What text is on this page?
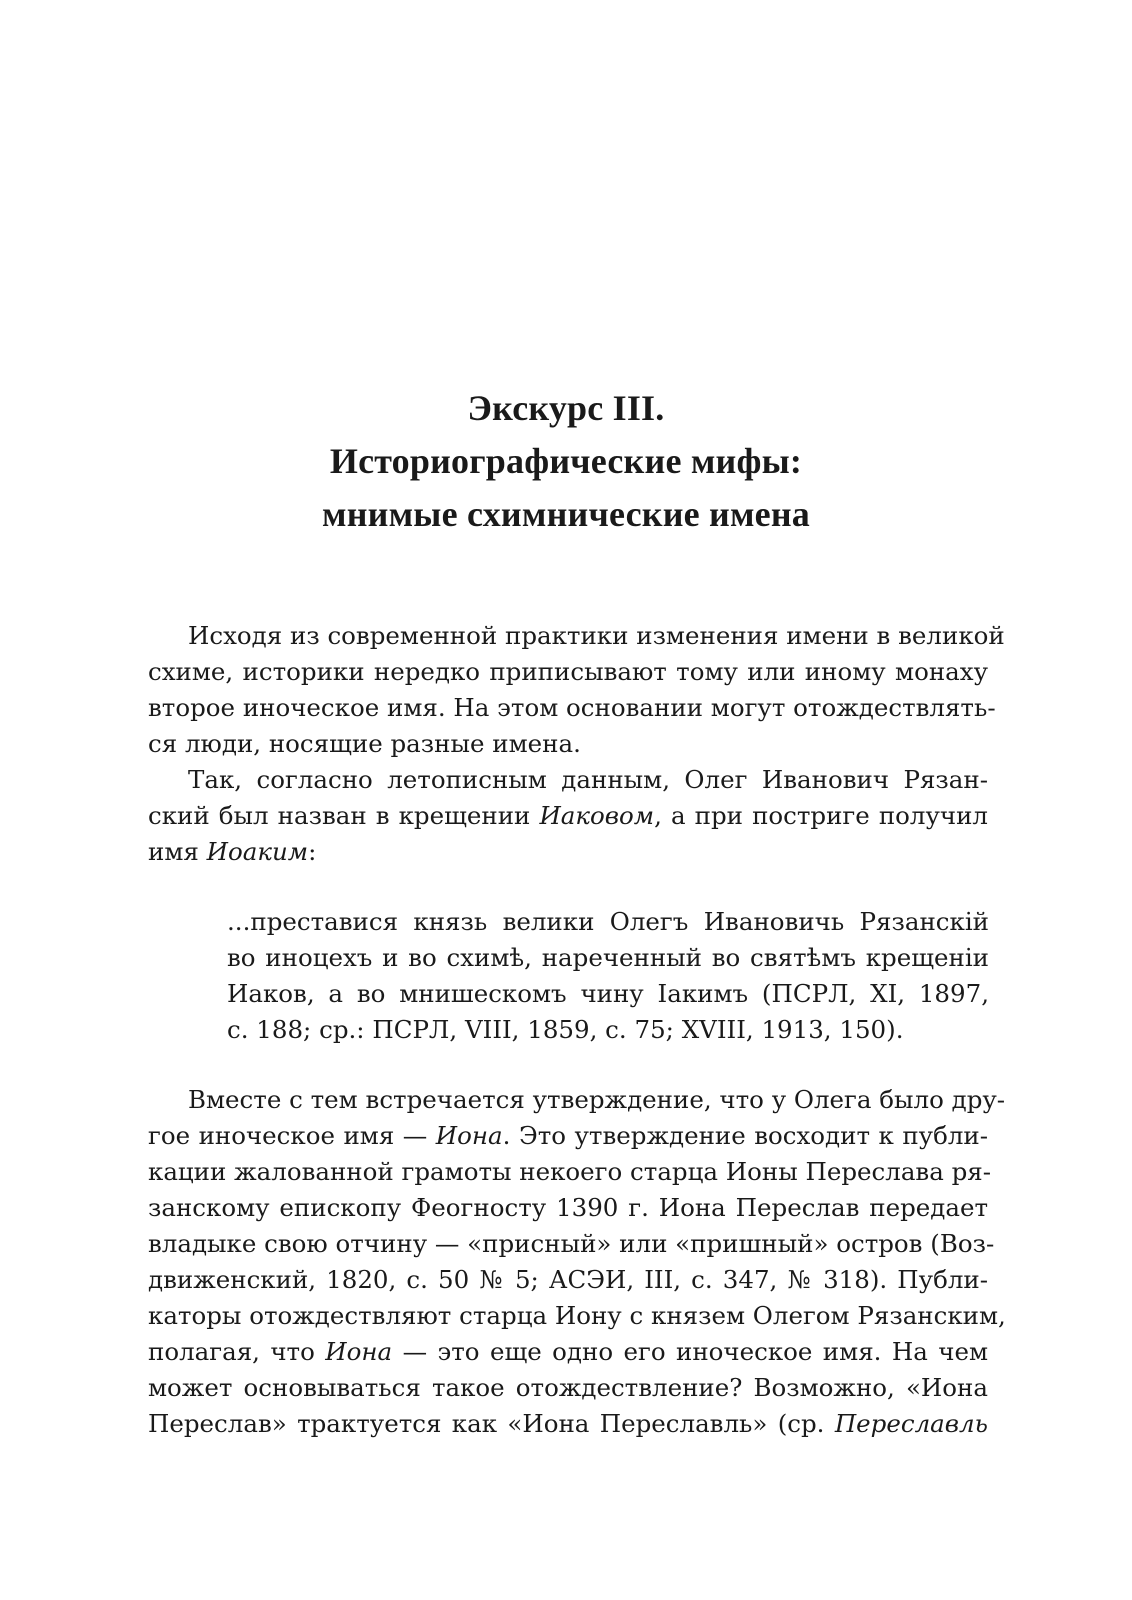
Экскурс III.
Историографические мифы:
мнимые схимнические имена
Исходя из современной практики изменения имени в великой
схиме, историки нередко приписывают тому или иному монаху
второе иноческое имя. На этом основании могут отождествлять-
ся люди, носящие разные имена.
Так, согласно летописным данным, Олег Иванович Рязан-
ский был назван в крещении Иаковом, а при постриге получил
имя Иоаким:
...преставися князь велики Олегъ Ивановичь Рязанскій
во иноцехъ и во схимѣ, нареченный во святѣмъ крещеніи
Иаков, а во мнишескомъ чину Іакимъ (ПСРЛ, XI, 1897,
с. 188; ср.: ПСРЛ, VIII, 1859, с. 75; XVIII, 1913, 150).
Вместе с тем встречается утверждение, что у Олега было дру-
гое иноческое имя — Иона. Это утверждение восходит к публи-
кации жалованной грамоты некоего старца Ионы Переслава ря-
занскому епископу Феогносту 1390 г. Иона Переслав передает
владыке свою отчину — «присный» или «пришный» остров (Воз-
движенский, 1820, с. 50 № 5; АСЭИ, III, с. 347, № 318). Публи-
каторы отождествляют старца Иону с князем Олегом Рязанским,
полагая, что Иона — это еще одно его иноческое имя. На чем
может основываться такое отождествление? Возможно, «Иона
Переслав» трактуется как «Иона Переславль» (ср. Переславль
